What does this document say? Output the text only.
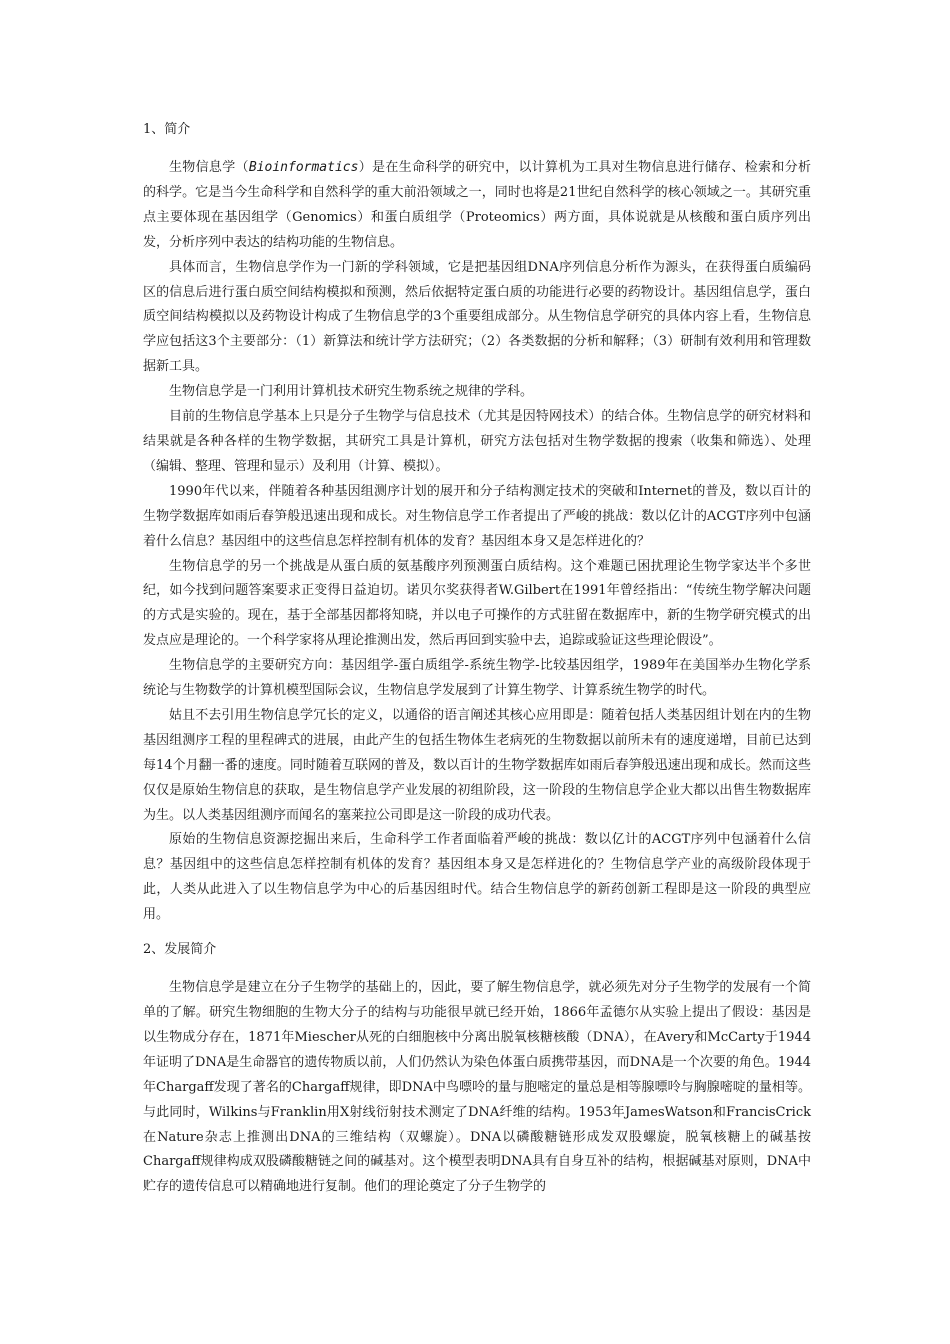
1、简介

生物信息学（Bioinformatics）是在生命科学的研究中，以计算机为工具对生物信息进行储存、检索和分析的科学。它是当今生命科学和自然科学的重大前沿领域之一，同时也将是21世纪自然科学的核心领域之一。其研究重点主要体现在基因组学（Genomics）和蛋白质组学（Proteomics）两方面，具体说就是从核酸和蛋白质序列出发，分析序列中表达的结构功能的生物信息。

具体而言，生物信息学作为一门新的学科领域，它是把基因组DNA序列信息分析作为源头，在获得蛋白质编码区的信息后进行蛋白质空间结构模拟和预测，然后依据特定蛋白质的功能进行必要的药物设计。基因组信息学，蛋白质空间结构模拟以及药物设计构成了生物信息学的3个重要组成部分。从生物信息学研究的具体内容上看，生物信息学应包括这3个主要部分：（1）新算法和统计学方法研究；（2）各类数据的分析和解释；（3）研制有效利用和管理数据新工具。

生物信息学是一门利用计算机技术研究生物系统之规律的学科。

目前的生物信息学基本上只是分子生物学与信息技术（尤其是因特网技术）的结合体。生物信息学的研究材料和结果就是各种各样的生物学数据，其研究工具是计算机，研究方法包括对生物学数据的搜索（收集和筛选）、处理（编辑、整理、管理和显示）及利用（计算、模拟）。

1990年代以来，伴随着各种基因组测序计划的展开和分子结构测定技术的突破和Internet的普及，数以百计的生物学数据库如雨后春笋般迅速出现和成长。对生物信息学工作者提出了严峻的挑战：数以亿计的ACGT序列中包涵着什么信息？基因组中的这些信息怎样控制有机体的发育？基因组本身又是怎样进化的？

生物信息学的另一个挑战是从蛋白质的氨基酸序列预测蛋白质结构。这个难题已困扰理论生物学家达半个多世纪，如今找到问题答案要求正变得日益迫切。诺贝尔奖获得者W.Gilbert在1991年曾经指出：“传统生物学解决问题的方式是实验的。现在，基于全部基因都将知晓，并以电子可操作的方式驻留在数据库中，新的生物学研究模式的出发点应是理论的。一个科学家将从理论推测出发，然后再回到实验中去，追踪或验证这些理论假设”。

生物信息学的主要研究方向：基因组学-蛋白质组学-系统生物学-比较基因组学，1989年在美国举办生物化学系统论与生物数学的计算机模型国际会议，生物信息学发展到了计算生物学、计算系统生物学的时代。

姑且不去引用生物信息学冗长的定义，以通俗的语言阐述其核心应用即是：随着包括人类基因组计划在内的生物基因组测序工程的里程碑式的进展，由此产生的包括生物体生老病死的生物数据以前所未有的速度递增，目前已达到每14个月翻一番的速度。同时随着互联网的普及，数以百计的生物学数据库如雨后春笋般迅速出现和成长。然而这些仅仅是原始生物信息的获取，是生物信息学产业发展的初组阶段，这一阶段的生物信息学企业大都以出售生物数据库为生。以人类基因组测序而闻名的塞莱拉公司即是这一阶段的成功代表。

原始的生物信息资源挖掘出来后，生命科学工作者面临着严峻的挑战：数以亿计的ACGT序列中包涵着什么信息？基因组中的这些信息怎样控制有机体的发育？基因组本身又是怎样进化的？生物信息学产业的高级阶段体现于此，人类从此进入了以生物信息学为中心的后基因组时代。结合生物信息学的新药创新工程即是这一阶段的典型应用。

2、发展简介

生物信息学是建立在分子生物学的基础上的，因此，要了解生物信息学，就必须先对分子生物学的发展有一个简单的了解。研究生物细胞的生物大分子的结构与功能很早就已经开始，1866年孟德尔从实验上提出了假设：基因是以生物成分存在，1871年Miescher从死的白细胞核中分离出脱氧核糖核酸（DNA），在Avery和McCarty于1944年证明了DNA是生命器官的遗传物质以前，人们仍然认为染色体蛋白质携带基因，而DNA是一个次要的角色。1944年Chargaff发现了著名的Chargaff规律，即DNA中鸟嘌呤的量与胞嘧定的量总是相等腺嘌呤与胸腺嘧啶的量相等。与此同时，Wilkins与Franklin用X射线衍射技术测定了DNA纤维的结构。1953年JamesWatson和FrancisCrick在Nature杂志上推测出DNA的三维结构（双螺旋）。DNA以磷酸糖链形成发双股螺旋，脱氧核糖上的碱基按Chargaff规律构成双股磷酸糖链之间的碱基对。这个模型表明DNA具有自身互补的结构，根据碱基对原则，DNA中贮存的遗传信息可以精确地进行复制。他们的理论奠定了分子生物学的
